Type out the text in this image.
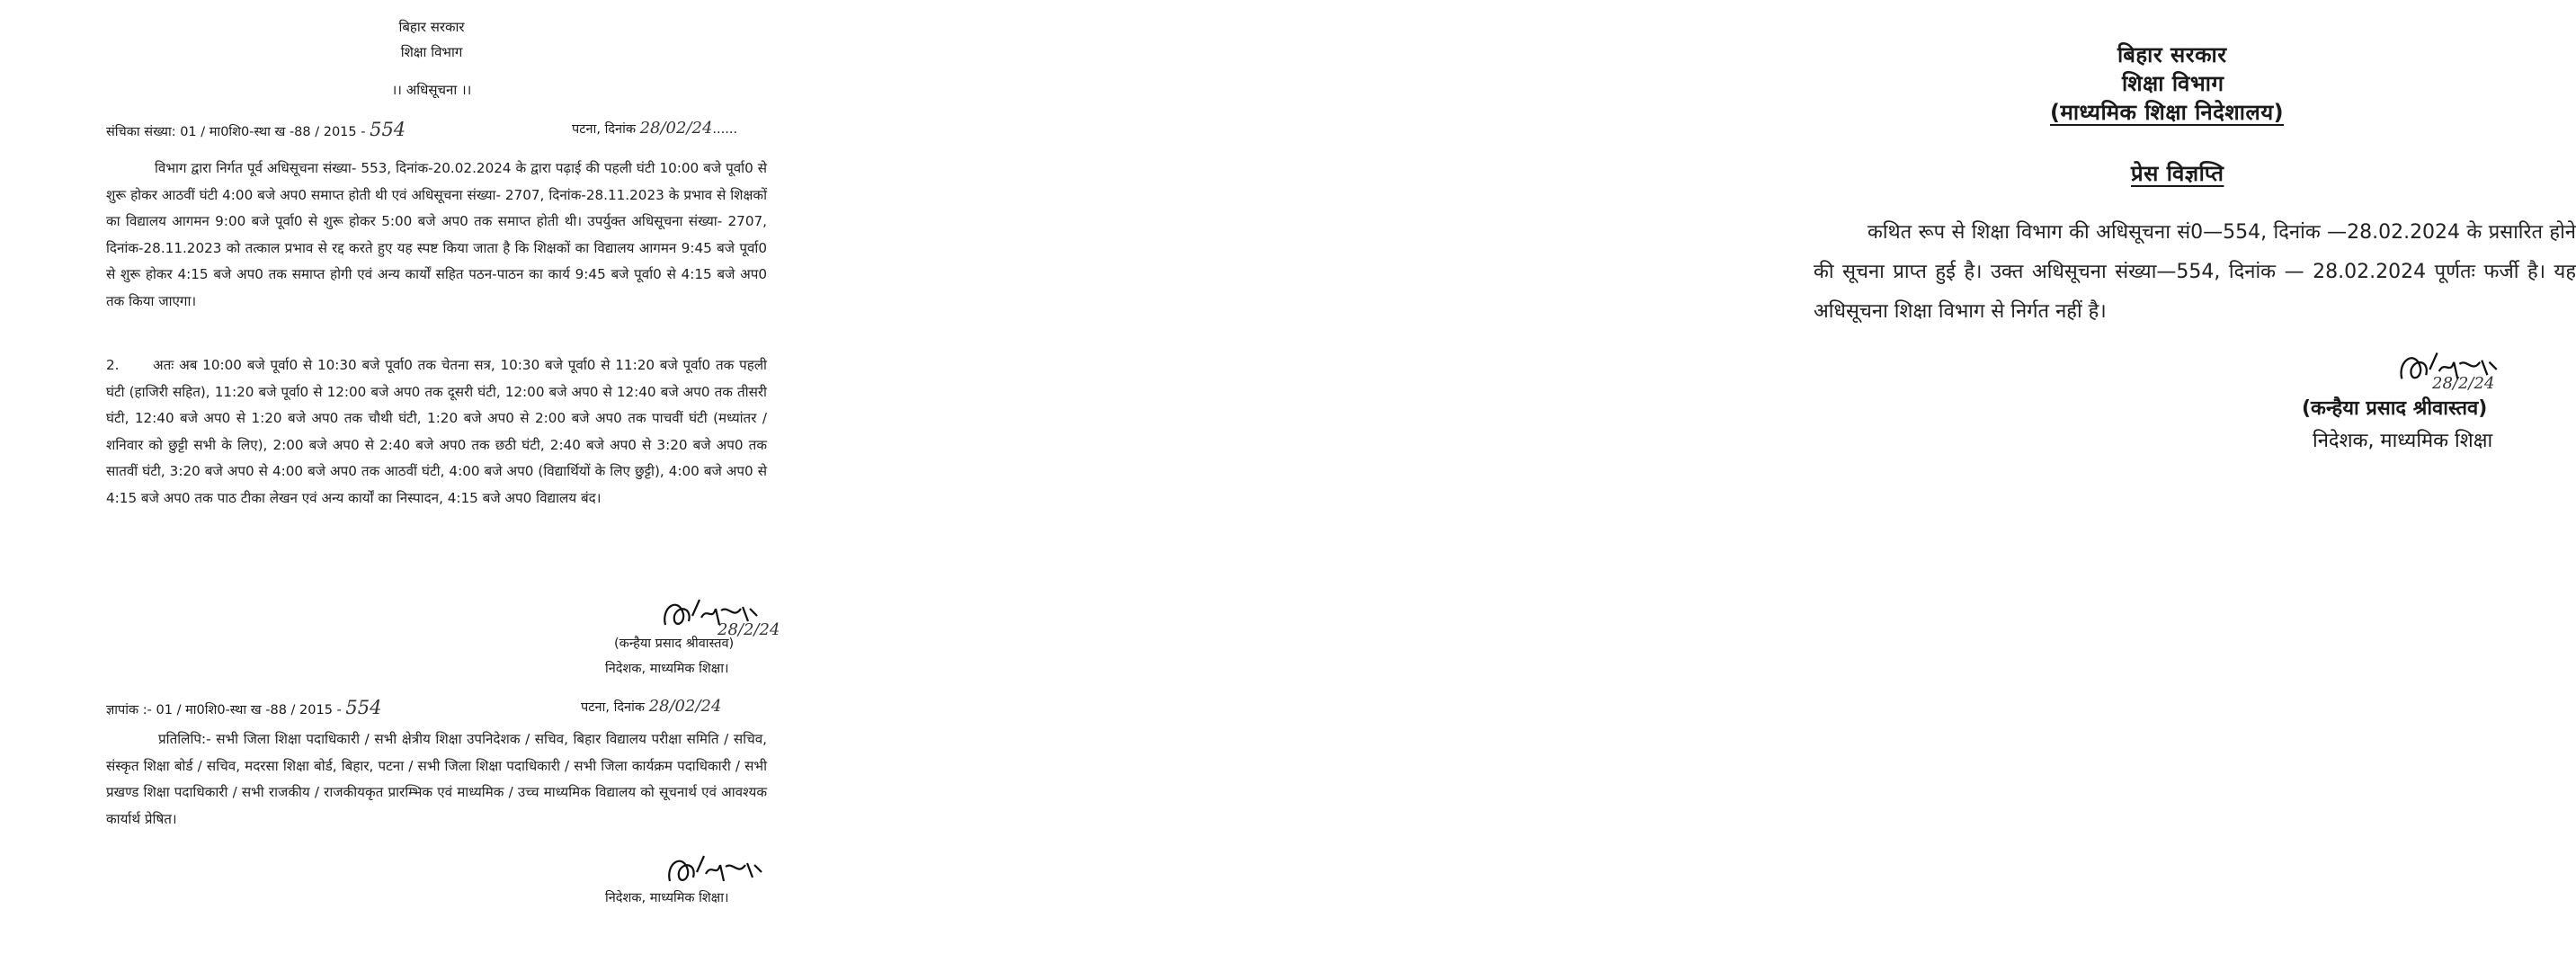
बिहार सरकार
शिक्षा विभाग
।। अधिसूचना ।।
संचिका संख्या: 01 / मा0शि0-स्था ख -88 / 2015 - 554	पटना, दिनांक 28/02/24......
विभाग द्वारा निर्गत पूर्व अधिसूचना संख्या- 553, दिनांक-20.02.2024 के द्वारा पढ़ाई की पहली घंटी 10:00 बजे पूर्वा0 से शुरू होकर आठवीं घंटी 4:00 बजे अप0 समाप्त होती थी एवं अधिसूचना संख्या- 2707, दिनांक-28.11.2023 के प्रभाव से शिक्षकों का विद्यालय आगमन 9:00 बजे पूर्वा0 से शुरू होकर 5:00 बजे अप0 तक समाप्त होती थी। उपर्युक्त अधिसूचना संख्या- 2707, दिनांक-28.11.2023 को तत्काल प्रभाव से रद्द करते हुए यह स्पष्ट किया जाता है कि शिक्षकों का विद्यालय आगमन 9:45 बजे पूर्वा0 से शुरू होकर 4:15 बजे अप0 तक समाप्त होगी एवं अन्य कार्यों सहित पठन-पाठन का कार्य 9:45 बजे पूर्वा0 से 4:15 बजे अप0 तक किया जाएगा।
2. अतः अब 10:00 बजे पूर्वा0 से 10:30 बजे पूर्वा0 तक चेतना सत्र, 10:30 बजे पूर्वा0 से 11:20 बजे पूर्वा0 तक पहली घंटी (हाजिरी सहित), 11:20 बजे पूर्वा0 से 12:00 बजे अप0 तक दूसरी घंटी, 12:00 बजे अप0 से 12:40 बजे अप0 तक तीसरी घंटी, 12:40 बजे अप0 से 1:20 बजे अप0 तक चौथी घंटी, 1:20 बजे अप0 से 2:00 बजे अप0 तक पाचवीं घंटी (मध्यांतर / शनिवार को छुट्टी सभी के लिए), 2:00 बजे अप0 से 2:40 बजे अप0 तक छठी घंटी, 2:40 बजे अप0 से 3:20 बजे अप0 तक सातवीं घंटी, 3:20 बजे अप0 से 4:00 बजे अप0 तक आठवीं घंटी, 4:00 बजे अप0 (विद्यार्थियों के लिए छुट्टी), 4:00 बजे अप0 से 4:15 बजे अप0 तक पाठ टीका लेखन एवं अन्य कार्यों का निस्पादन, 4:15 बजे अप0 विद्यालय बंद।
28/2/24
(कन्हैया प्रसाद श्रीवास्तव)
निदेशक, माध्यमिक शिक्षा।
ज्ञापांक :- 01 / मा0शि0-स्था ख -88 / 2015 - 554	पटना, दिनांक 28/02/24
प्रतिलिपि:- सभी जिला शिक्षा पदाधिकारी / सभी क्षेत्रीय शिक्षा उपनिदेशक / सचिव, बिहार विद्यालय परीक्षा समिति / सचिव, संस्कृत शिक्षा बोर्ड / सचिव, मदरसा शिक्षा बोर्ड, बिहार, पटना / सभी जिला शिक्षा पदाधिकारी / सभी जिला कार्यक्रम पदाधिकारी / सभी प्रखण्ड शिक्षा पदाधिकारी / सभी राजकीय / राजकीयकृत प्रारम्भिक एवं माध्यमिक / उच्च माध्यमिक विद्यालय को सूचनार्थ एवं आवश्यक कार्यार्थ प्रेषित।
निदेशक, माध्यमिक शिक्षा।
बिहार सरकार
शिक्षा विभाग
(माध्यमिक शिक्षा निदेशालय)
प्रेस विज्ञप्ति
कथित रूप से शिक्षा विभाग की अधिसूचना सं0—554, दिनांक —28.02.2024 के प्रसारित होने की सूचना प्राप्त हुई है। उक्त अधिसूचना संख्या—554, दिनांक — 28.02.2024 पूर्णतः फर्जी है। यह अधिसूचना शिक्षा विभाग से निर्गत नहीं है।
28/2/24
(कन्हैया प्रसाद श्रीवास्तव)
निदेशक, माध्यमिक शिक्षा
